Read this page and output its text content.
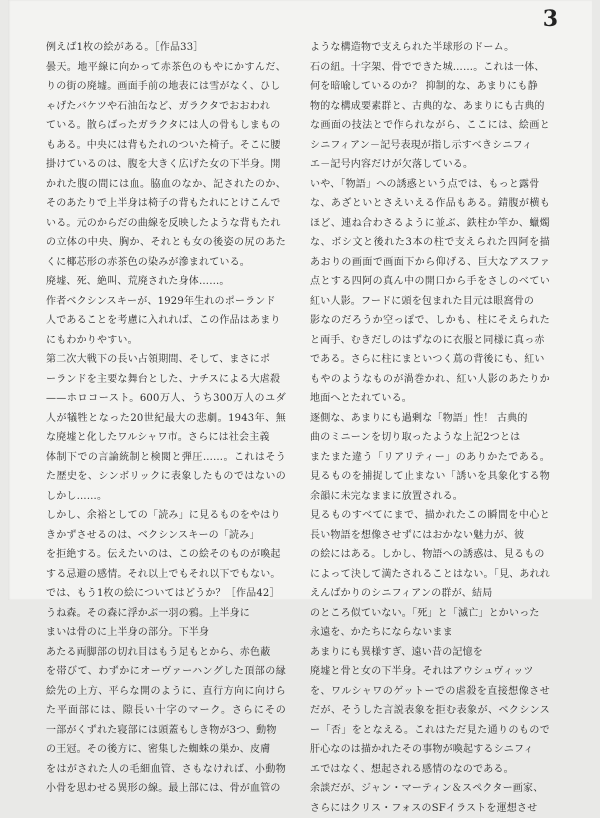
3

例えば1枚の絵がある。［作品33］

曇天。地平線に向かって赤茶色のもやにかすんだ、

りの街の廃墟。画面手前の地表には雪がなく、ひし

ゃげたバケツや石油缶など、ガラクタでおおわれ

ている。散らばったガラクタには人の骨もしまもの

もある。中央には背もたれのついた椅子。そこに腰

掛けているのは、腹を大きく広げた女の下半身。開

かれた腹の間には血。脇血のなか、記されたのか、

そのあたりで上半身は椅子の背もたれにとけこんで

いる。元のからだの曲線を反映したような背もたれ

の立体の中央、胸か、それとも女の後姿の尻のあた

くに椰芯形の赤茶色の染みが滲まれている。

廃墟、死、絶叫、荒廃された身体……。

作者ベクシンスキーが、1929年生れのポーランド

人であることを考慮に入れれば、この作品はあまり

にもわかりやすい。

第二次大戦下の長い占領期間、そして、まさにポ

ーランドを主要な舞台とした、ナチスによる大虐殺

——ホロコースト。600万人、うち300万人のユダ

人が犠牲となった20世紀最大の悲劇。1943年、無

な廃墟と化したワルシャワ市。さらには社会主義

体制下での言論統制と検閲と弾圧……。これはそう

た歴史を、シンボリックに表象したものではないの

しかし……。

しかし、余裕としての「読み」に見るものをやはり

きかずさせるのは、ベクシンスキーの「読み」

を拒絶する。伝えたいのは、この絵そのものが喚起

する忌避の感情。それ以上でもそれ以下でもない。

では、もう1枚の絵についてはどうか？［作品42］

うね森。その森に浮かぶ一羽の鴉。上半身に

まいは骨のに上半身の部分。下半身

あたる両脚部の切れ目はもう足もとから、赤色蔽

を帯びて、わずかにオーヴァーハングした頂部の縁

絵先の上方、平らな開のように、直行方向に向けら

た平面部には、隙長い十字のマーク。さらにその

一部がくずれた寝部には頭蓋もしき物が3つ、動物

の王冠。その後方に、密集した蜘蛛の巣か、皮膚

をはがされた人の毛細血管、さもなければ、小動物

小骨を思わせる異形の線。最上部には、骨が血管の

ような構造物で支えられた半球形のドーム。

石の紐。十字架、骨でできた城……。これは一体、

何を暗喩しているのか？ 抑制的な、あまりにも静

物的な構成要素群と、古典的な、あまりにも古典的

な画面の技法とで作られながら、ここには、絵画と

シニフィアン－記号表現が指し示すべきシニフィ

エ－記号内容だけが欠落している。

いや、「物語」への誘惑という点では、もっと露骨

な、あざといとさえいえる作品もある。錆腹が横も

ほど、連ね合わさるように並ぶ、鉄柱か竿か、蠟燭

な、ボシ文と後れた3本の柱で支えられた四阿を描

あおりの画面で画面下から仰げる、巨大なアスファ

点とする四阿の真ん中の開口から手をさしのべてい

紅い人影。フードに頭を包まれた目元は眼窩骨の

影なのだろうか空っぽで、しかも、柱にそえられた

と両手、むきだしのはずなのに衣服と同様に真っ赤

である。さらに柱にまといつく蔦の背後にも、紅い

もやのようなものが渦巻かれ、紅い人影のあたりか

地面へとたれている。

逐側な、あまりにも過剰な「物語」性！ 古典的

曲のミニーンを切り取ったような上記2つとは

またまた違う「リアリティー」のありかたである。

見るものを捕捉して止まない「誘いを具象化する物

余韻に未完なままに放置される。

見るものすべてにまで、描かれたこの瞬間を中心と

長い物語を想像させずにはおかない魅力が、彼

の絵にはある。しかし、物語への誘惑は、見るもの

によって決して満たされることはない。「見、あれれ

えんばかりのシニフィアンの群が、結局

のところ似ていない。「死」と「滅亡」とかいった

永遠を、かたちにならないまま

あまりにも異様すぎ、遠い昔の記憶を

廃墟と骨と女の下半身。それはアウシュヴィッツ

を、ワルシャワのゲットーでの虐殺を直接想像させ

だが、そうした言説表象を拒む表象が、ベクシンス

ー「否」をとなえる。これはただ見た通りのもので

肝心なのは描かれたその事物が喚起するシニフィ

エではなく、想起される感情のなのである。

余談だが、ジャン・マーティン＆スペクター画家、

さらにはクリス・フォスのSFイラストを運想させ
